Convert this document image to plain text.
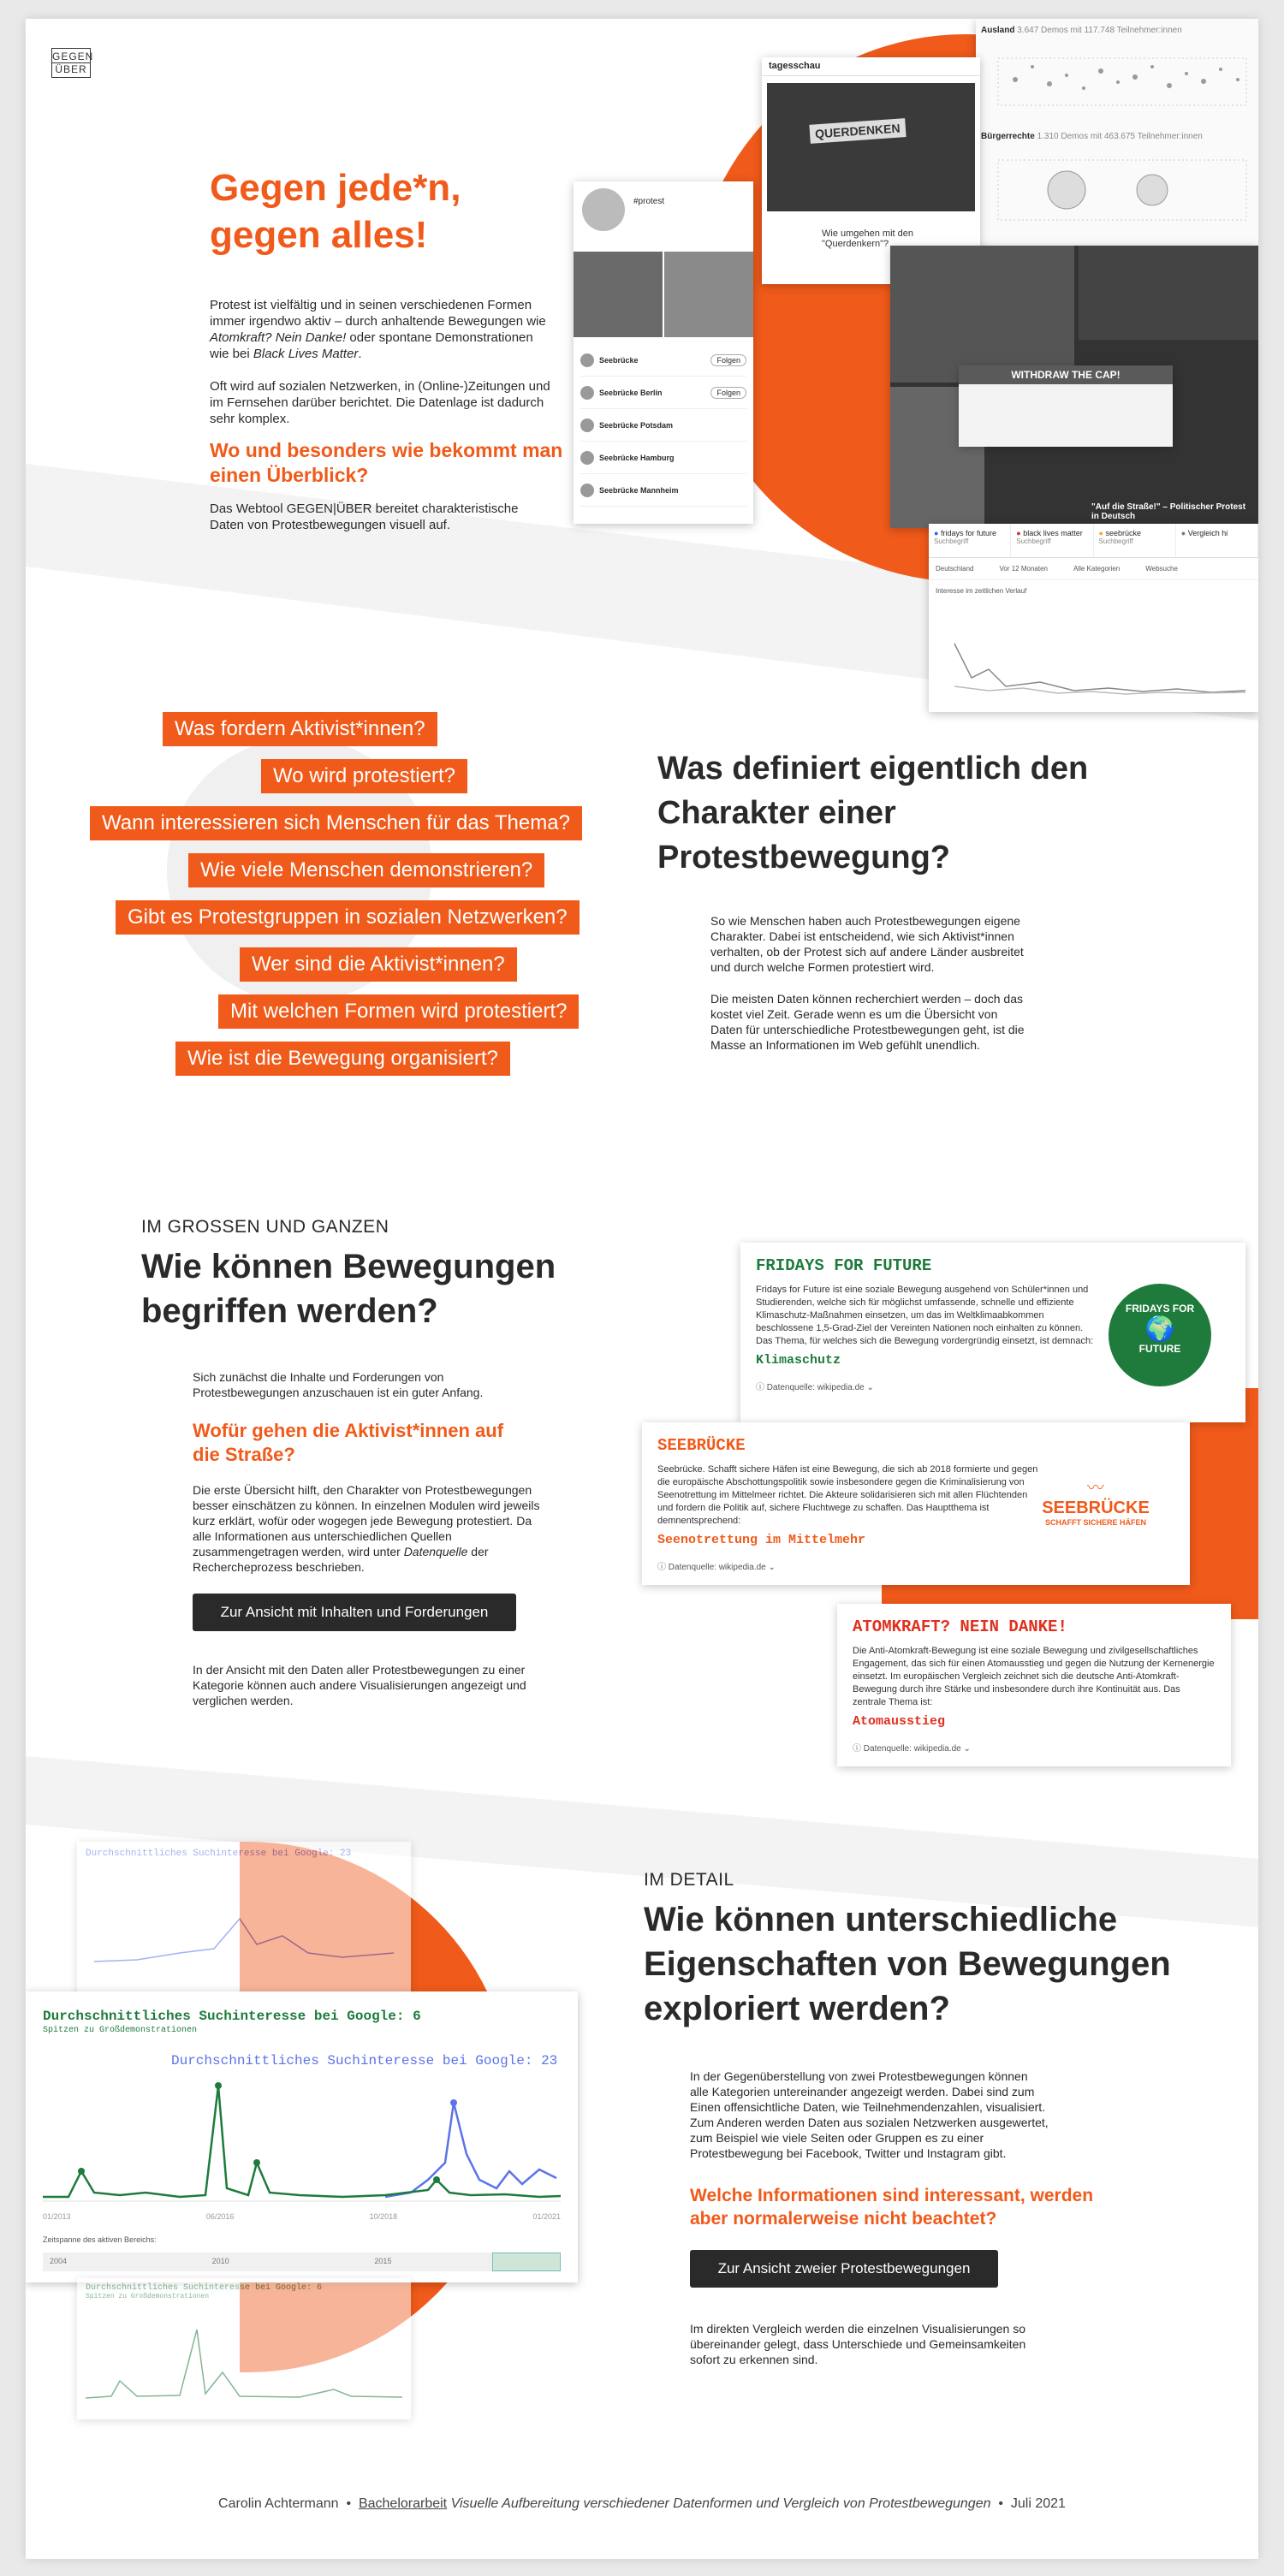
GEGEN
ÜBER
Gegen jede*n,
gegen alles!
Protest ist vielfältig und in seinen verschiedenen Formen immer irgendwo aktiv – durch anhaltende Bewegungen wie Atomkraft? Nein Danke! oder spontane Demonstrationen wie bei Black Lives Matter.
Oft wird auf sozialen Netzwerken, in (Online-)Zeitungen und im Fernsehen darüber berichtet. Die Datenlage ist dadurch sehr komplex.
Wo und besonders wie bekommt man einen Überblick?
Das Webtool GEGEN|ÜBER bereitet charakteristische Daten von Protestbewegungen visuell auf.
Ausland 3.647 Demos mit 117.748 Teilnehmer:innen
Bürgerrechte 1.310 Demos mit 463.675 Teilnehmer:innen
tagesschau
QUERDENKEN
Wie umgehen mit den "Querdenkern"?
#protest
Seebrücke	Folgen
Seebrücke Berlin	Folgen
Seebrücke Potsdam
Seebrücke Hamburg
Seebrücke Mannheim
WITHDRAW THE CAP!
"Auf die Straße!" – Politischer Protest in Deutsch
● fridays for future
Suchbegriff
● black lives matter
Suchbegriff
● seebrücke
Suchbegriff
● Vergleich hi
Deutschland	Vor 12 Monaten	Alle Kategorien	Websuche
Interesse im zeitlichen Verlauf
Was fordern Aktivist*innen?
Wo wird protestiert?
Wann interessieren sich Menschen für das Thema?
Wie viele Menschen demonstrieren?
Gibt es Protestgruppen in sozialen Netzwerken?
Wer sind die Aktivist*innen?
Mit welchen Formen wird protestiert?
Wie ist die Bewegung organisiert?
Was definiert eigentlich den Charakter einer Protestbewegung?
So wie Menschen haben auch Protestbewegungen eigene Charakter. Dabei ist entscheidend, wie sich Aktivist*innen verhalten, ob der Protest sich auf andere Länder ausbreitet und durch welche Formen protestiert wird.
Die meisten Daten können recherchiert werden – doch das kostet viel Zeit. Gerade wenn es um die Übersicht von Daten für unterschiedliche Protestbewegungen geht, ist die Masse an Informationen im Web gefühlt unendlich.
IM GROSSEN UND GANZEN
Wie können Bewegungen begriffen werden?
Sich zunächst die Inhalte und Forderungen von Protestbewegungen anzuschauen ist ein guter Anfang.
Wofür gehen die Aktivist*innen auf die Straße?
Die erste Übersicht hilft, den Charakter von Protestbewegungen besser einschätzen zu können. In einzelnen Modulen wird jeweils kurz erklärt, wofür oder wogegen jede Bewegung protestiert. Da alle Informationen aus unterschiedlichen Quellen zusammengetragen werden, wird unter Datenquelle der Rechercheprozess beschrieben.
Zur Ansicht mit Inhalten und Forderungen
In der Ansicht mit den Daten aller Protestbewegungen zu einer Kategorie können auch andere Visualisierungen angezeigt und verglichen werden.
FRIDAYS FOR FUTURE
Fridays for Future ist eine soziale Bewegung ausgehend von Schüler*innen und Studierenden, welche sich für möglichst umfassende, schnelle und effiziente Klimaschutz-Maßnahmen einsetzen, um das im Weltklimaabkommen beschlossene 1,5-Grad-Ziel der Vereinten Nationen noch einhalten zu können. Das Thema, für welches sich die Bewegung vordergründig einsetzt, ist demnach:
Klimaschutz
ⓘ Datenquelle: wikipedia.de ⌄
FRIDAYS FOR
🌍
FUTURE
SEEBRÜCKE
Seebrücke. Schafft sichere Häfen ist eine Bewegung, die sich ab 2018 formierte und gegen die europäische Abschottungspolitik sowie insbesondere gegen die Kriminalisierung von Seenotrettung im Mittelmeer richtet. Die Akteure solidarisieren sich mit allen Flüchtenden und fordern die Politik auf, sichere Fluchtwege zu schaffen. Das Hauptthema ist demnentsprechend:
Seenotrettung im Mittelmehr
ⓘ Datenquelle: wikipedia.de ⌄
〰
SEEBRÜCKE
SCHAFFT SICHERE HÄFEN
ATOMKRAFT? NEIN DANKE!
Die Anti-Atomkraft-Bewegung ist eine soziale Bewegung und zivilgesellschaftliches Engagement, das sich für einen Atomausstieg und gegen die Nutzung der Kernenergie einsetzt. Im europäischen Vergleich zeichnet sich die deutsche Anti-Atomkraft-Bewegung durch ihre Stärke und insbesondere durch ihre Kontinuität aus. Das zentrale Thema ist:
Atomausstieg
ⓘ Datenquelle: wikipedia.de ⌄
Durchschnittliches Suchinteresse bei Google: 23
Durchschnittliches Suchinteresse bei Google: 6
Spitzen zu Großdemonstrationen
Durchschnittliches Suchinteresse bei Google: 23
01/2013	06/2016	10/2018	01/2021
Zeitspanne des aktiven Bereichs:
2004	2010	2015
Durchschnittliches Suchinteresse bei Google: 6
Spitzen zu Großdemonstrationen
IM DETAIL
Wie können unterschiedliche Eigenschaften von Bewegungen exploriert werden?
In der Gegenüberstellung von zwei Protestbewegungen können alle Kategorien untereinander angezeigt werden. Dabei sind zum Einen offensichtliche Daten, wie Teilnehmendenzahlen, visualisiert. Zum Anderen werden Daten aus sozialen Netzwerken ausgewertet, zum Beispiel wie viele Seiten oder Gruppen es zu einer Protestbewegung bei Facebook, Twitter und Instagram gibt.
Welche Informationen sind interessant, werden aber normalerweise nicht beachtet?
Zur Ansicht zweier Protestbewegungen
Im direkten Vergleich werden die einzelnen Visualisierungen so übereinander gelegt, dass Unterschiede und Gemeinsamkeiten sofort zu erkennen sind.
Carolin Achtermann • Bachelorarbeit Visuelle Aufbereitung verschiedener Datenformen und Vergleich von Protestbewegungen • Juli 2021
